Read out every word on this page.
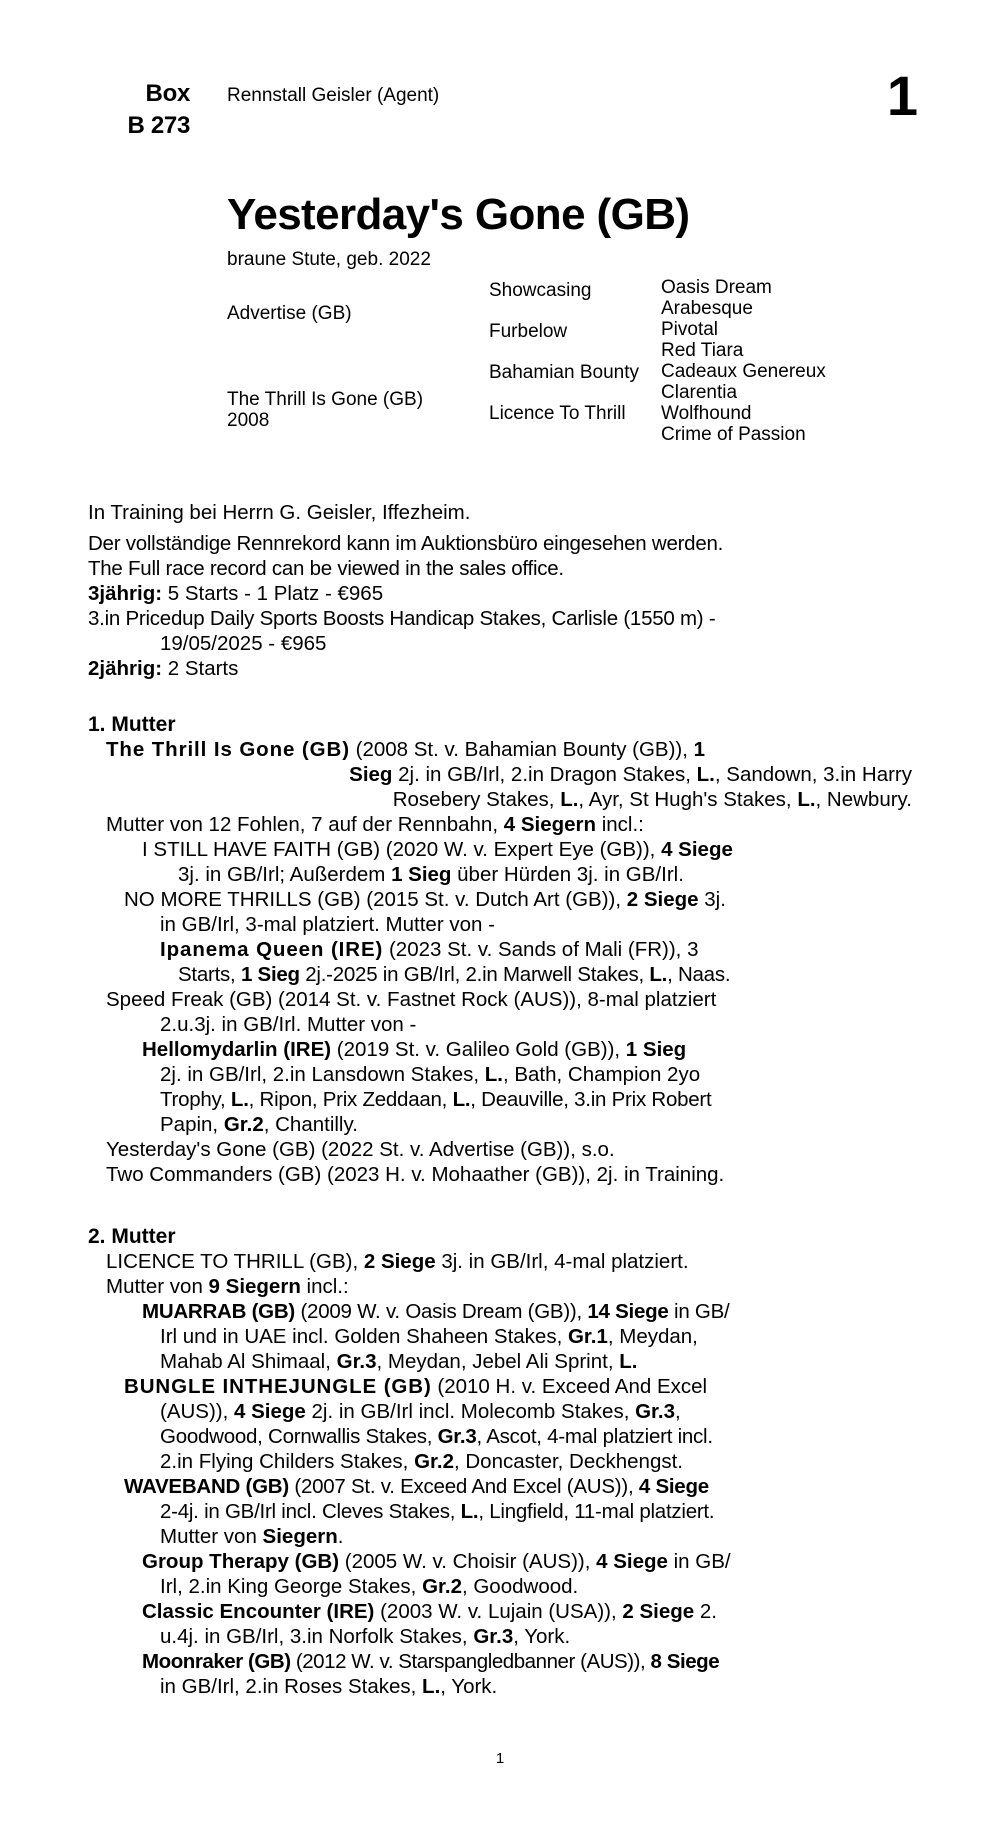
Box
B 273
Rennstall Geisler (Agent)	1
Yesterday's Gone (GB)
braune Stute, geb. 2022
Advertise (GB)
The Thrill Is Gone (GB)
2008
Showcasing
Furbelow
Bahamian Bounty
Licence To Thrill
Oasis Dream
Arabesque
Pivotal
Red Tiara
Cadeaux Genereux
Clarentia
Wolfhound
Crime of Passion
In Training bei Herrn G. Geisler, Iffezheim.
Der vollständige Rennrekord kann im Auktionsbüro eingesehen werden.
The Full race record can be viewed in the sales office.
3jährig: 5 Starts - 1 Platz - €965
3.in Pricedup Daily Sports Boosts Handicap Stakes, Carlisle (1550 m) -
19/05/2025 - €965
2jährig: 2 Starts
1. Mutter
The Thrill Is Gone (GB) (2008 St. v. Bahamian Bounty (GB)), 1
Sieg 2j. in GB/Irl, 2.in Dragon Stakes, L., Sandown, 3.in Harry
Rosebery Stakes, L., Ayr, St Hugh's Stakes, L., Newbury.
Mutter von 12 Fohlen, 7 auf der Rennbahn, 4 Siegern incl.:
I STILL HAVE FAITH (GB) (2020 W. v. Expert Eye (GB)), 4 Siege
3j. in GB/Irl; Außerdem 1 Sieg über Hürden 3j. in GB/Irl.
NO MORE THRILLS (GB) (2015 St. v. Dutch Art (GB)), 2 Siege 3j.
in GB/Irl, 3-mal platziert. Mutter von -
Ipanema Queen (IRE) (2023 St. v. Sands of Mali (FR)), 3
Starts, 1 Sieg 2j.-2025 in GB/Irl, 2.in Marwell Stakes, L., Naas.
Speed Freak (GB) (2014 St. v. Fastnet Rock (AUS)), 8-mal platziert
2.u.3j. in GB/Irl. Mutter von -
Hellomydarlin (IRE) (2019 St. v. Galileo Gold (GB)), 1 Sieg
2j. in GB/Irl, 2.in Lansdown Stakes, L., Bath, Champion 2yo
Trophy, L., Ripon, Prix Zeddaan, L., Deauville, 3.in Prix Robert
Papin, Gr.2, Chantilly.
Yesterday's Gone (GB) (2022 St. v. Advertise (GB)), s.o.
Two Commanders (GB) (2023 H. v. Mohaather (GB)), 2j. in Training.
2. Mutter
LICENCE TO THRILL (GB), 2 Siege 3j. in GB/Irl, 4-mal platziert.
Mutter von 9 Siegern incl.:
MUARRAB (GB) (2009 W. v. Oasis Dream (GB)), 14 Siege in GB/
Irl und in UAE incl. Golden Shaheen Stakes, Gr.1, Meydan,
Mahab Al Shimaal, Gr.3, Meydan, Jebel Ali Sprint, L.
BUNGLE INTHEJUNGLE (GB) (2010 H. v. Exceed And Excel
(AUS)), 4 Siege 2j. in GB/Irl incl. Molecomb Stakes, Gr.3,
Goodwood, Cornwallis Stakes, Gr.3, Ascot, 4-mal platziert incl.
2.in Flying Childers Stakes, Gr.2, Doncaster, Deckhengst.
WAVEBAND (GB) (2007 St. v. Exceed And Excel (AUS)), 4 Siege
2-4j. in GB/Irl incl. Cleves Stakes, L., Lingfield, 11-mal platziert.
Mutter von Siegern.
Group Therapy (GB) (2005 W. v. Choisir (AUS)), 4 Siege in GB/
Irl, 2.in King George Stakes, Gr.2, Goodwood.
Classic Encounter (IRE) (2003 W. v. Lujain (USA)), 2 Siege 2.
u.4j. in GB/Irl, 3.in Norfolk Stakes, Gr.3, York.
Moonraker (GB) (2012 W. v. Starspangledbanner (AUS)), 8 Siege
in GB/Irl, 2.in Roses Stakes, L., York.
1
